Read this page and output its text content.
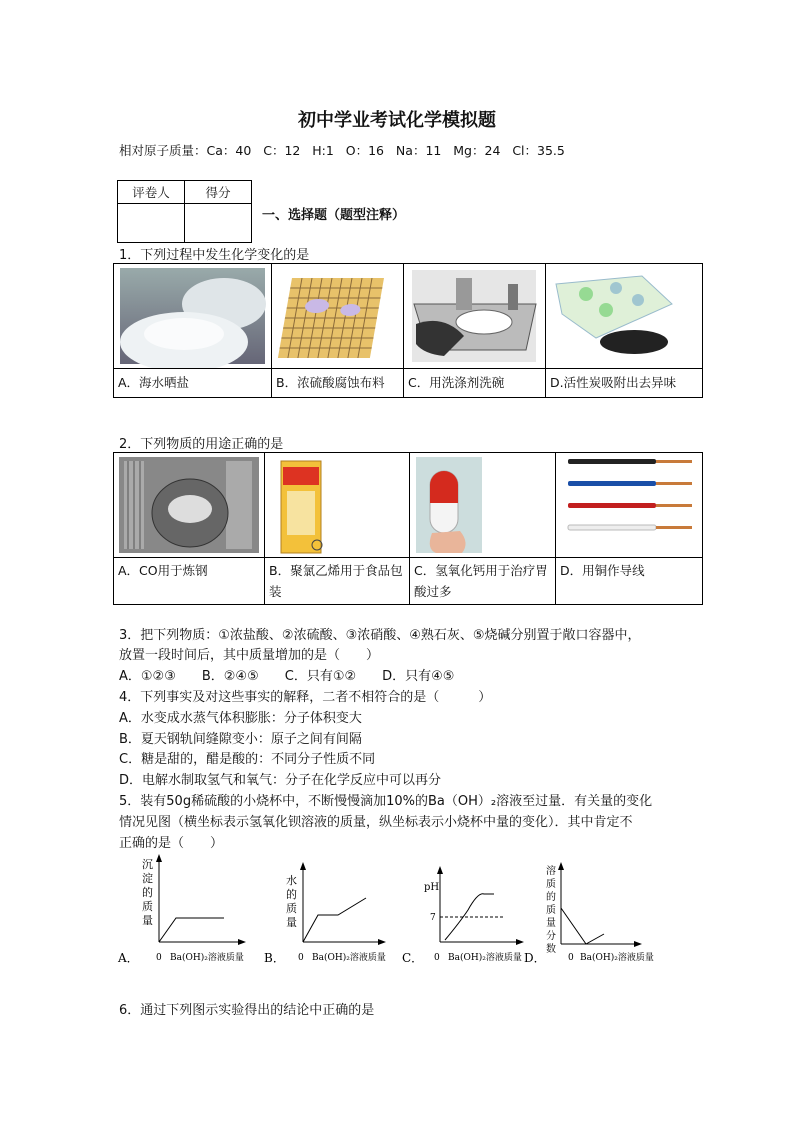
初中学业考试化学模拟题
相对原子质量：Ca：40   C：12   H:1   O：16   Na：11   Mg：24   Cl：35.5
评卷人	得分

一、选择题（题型注释）
1．下列过程中发生化学变化的是

A．海水晒盐	B．浓硫酸腐蚀布料	C．用洗涤剂洗碗	D.活性炭吸附出去异味
2．下列物质的用途正确的是

A．CO用于炼钢	B．聚氯乙烯用于食品包装	C．氢氧化钙用于治疗胃酸过多	D．用铜作导线
3．把下列物质：①浓盐酸、②浓硫酸、③浓硝酸、④熟石灰、⑤烧碱分别置于敞口容器中，
放置一段时间后，其中质量增加的是（　　）
A．①②③　　B．②④⑤　　C．只有①②　　D．只有④⑤
4．下列事实及对这些事实的解释，二者不相符合的是（　　　）
A．水变成水蒸气体积膨胀：分子体积变大
B．夏天钢轨间缝隙变小：原子之间有间隔
C．糖是甜的，醋是酸的：不同分子性质不同
D．电解水制取氢气和氧气：分子在化学反应中可以再分
5．装有50g稀硫酸的小烧杯中，不断慢慢滴加10%的Ba（OH）₂溶液至过量．有关量的变化
情况见图（横坐标表示氢氧化钡溶液的质量，纵坐标表示小烧杯中量的变化）．其中肯定不
正确的是（　　）
沉
淀
的
质
量
0 Ba(OH)₂溶液质量
A．
水
的
质
量
0 Ba(OH)₂溶液质量
B．
pH
7
0 Ba(OH)₂溶液质量
C．
溶
质
的
质
量
分
数
0 Ba(OH)₂溶液质量
D．
6．通过下列图示实验得出的结论中正确的是
